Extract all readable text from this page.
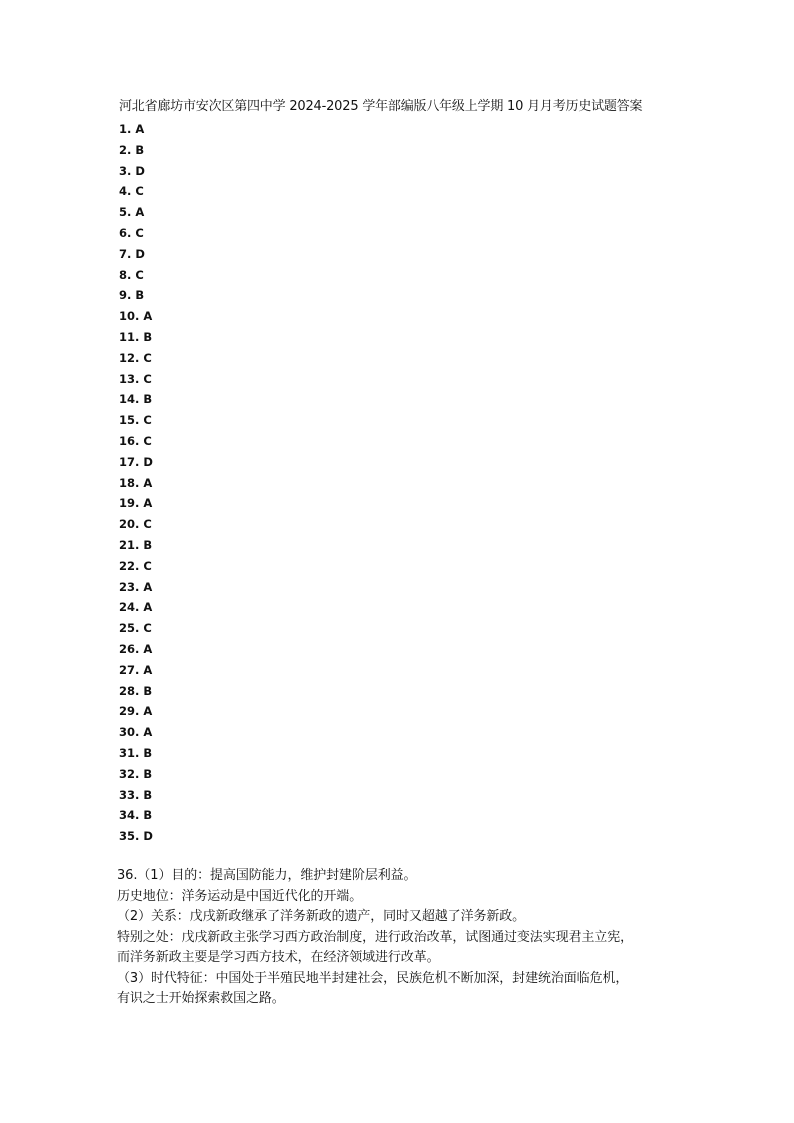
河北省廊坊市安次区第四中学 2024-2025 学年部编版八年级上学期 10 月月考历史试题答案
1. A
2. B
3. D
4. C
5. A
6. C
7. D
8. C
9. B
10. A
11. B
12. C
13. C
14. B
15. C
16. C
17. D
18. A
19. A
20. C
21. B
22. C
23. A
24. A
25. C
26. A
27. A
28. B
29. A
30. A
31. B
32. B
33. B
34. B
35. D
36.（1）目的：提高国防能力，维护封建阶层利益。
历史地位：洋务运动是中国近代化的开端。
（2）关系：戊戌新政继承了洋务新政的遗产，同时又超越了洋务新政。
特别之处：戊戌新政主张学习西方政治制度，进行政治改革，试图通过变法实现君主立宪，
而洋务新政主要是学习西方技术，在经济领域进行改革。
（3）时代特征：中国处于半殖民地半封建社会，民族危机不断加深，封建统治面临危机，
有识之士开始探索救国之路。
